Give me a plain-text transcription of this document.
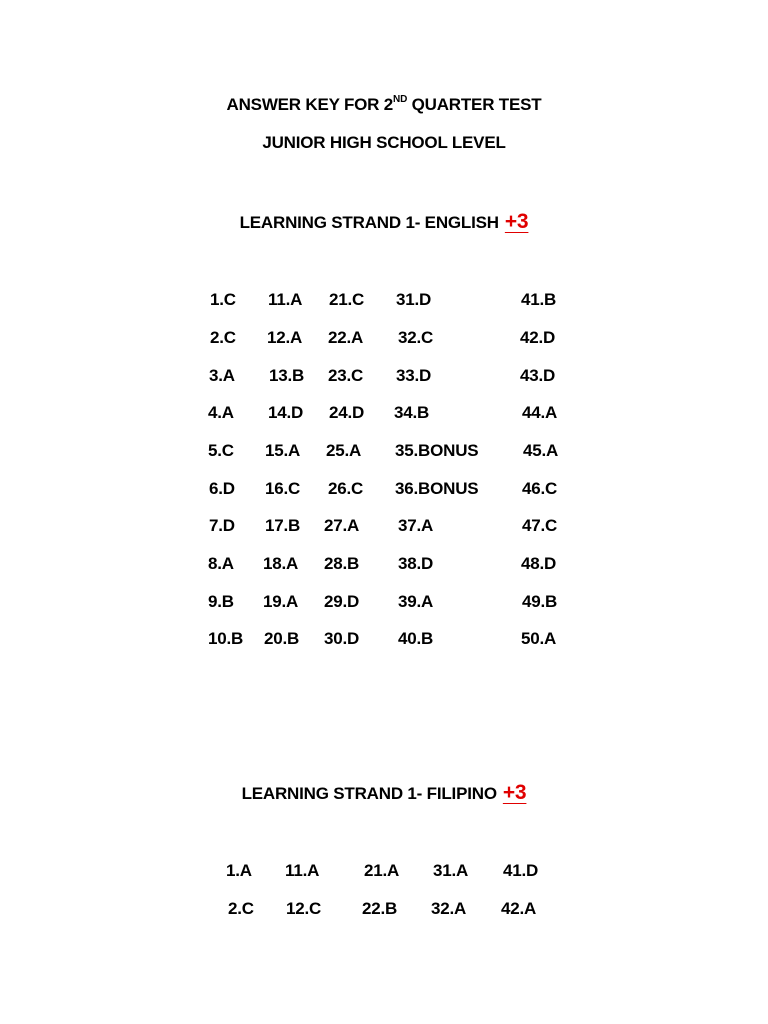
ANSWER KEY FOR 2ND QUARTER TEST
JUNIOR HIGH SCHOOL LEVEL
LEARNING STRAND 1- ENGLISH +3
1.C 11.A 21.C 31.D	41.B
2.C 12.A 22.A 32.C	42.D
3.A 13.B 23.C 33.D	43.D
4.A 14.D 24.D 34.B	44.A
5.C 15.A 25.A 35.BONUS	45.A
6.D 16.C 26.C 36.BONUS	46.C
7.D 17.B 27.A 37.A	47.C
8.A 18.A 28.B 38.D	48.D
9.B 19.A 29.D 39.A	49.B
10.B 20.B 30.D 40.B	50.A
LEARNING STRAND 1- FILIPINO +3
1.A 11.A	21.A 31.A 41.D
2.C 12.C 22.B 32.A 42.A
